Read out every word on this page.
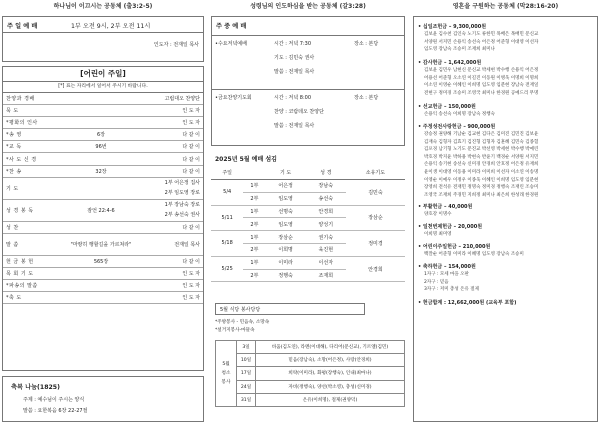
하나님이 이끄시는 공동체 (출3:2-5)
주 일 예 배	1부 오전 9시, 2부 오전 11시
인도자 : 전재일 목사
[어린이 주일]
[*] 표는 자리에서 일어서 주시기 바랍니다.
찬양과 경배		고립대오 찬양단
묵 도		인 도 자
*평화의 인사		인 도 자
*송 영	6장	다 같 이
*교 독	96번	다 같 이
*사 도 신 경		다 같 이
*찬 송	32장	다 같 이
기 도		1부 어은정 집사
2부 임도영 장로

성 경 봉 독	잠언 22:4-6	1부 장남숙 장로
2부 송선숙 권사

성 찬		다 같 이
말 씀	"마땅히 행할길을 가르쳐라"	전재일 목사
헌 금 봉 헌	565장	다 같 이
목 회 기 도		인 도 자
*파송의 말씀		인 도 자
*축 도		인 도 자
축복 나눔(1825)
주제 : 예수님이 주시는 양식
말씀 : 요한복음 6장 22-27절
성령님의 인도하심을 받는 공동체 (갈3:28)
주 중 예 배
•수요저녁예배	시간 : 저녁 7:30	장소 : 본당
기도 : 김민숙 권사
말씀 : 전재일 목사
•금요찬양기도회	시간 : 저녁 8:00	장소 : 본당
찬양 : 코람데오 찬양단
말씀 : 전재일 목사
2025년 5월 예배 섬김
주일		기 도	성 경	소유기도
5/4	1부	어은정	장남숙	김민숙
	2부	임도영	송선숙	
5/11	1부	선명숙	안경희	장삼순
	2부	임도영	양성기	
5/18	1부	장삼순	권기숙	정미경
	2부	이희명	육진현	
5/25	1부	이미라	이선자	안경희
	2부	정행숙	조재희	
5월 식당 봉사당당
*주방봉사 - 민음속, 소망속
*설거지봉사-마뜰속
5월
청소
봉사	3일	바움(김도연), 라멘(이대해), 다리어(문신교), 기르엘(김민)
	10일	믿음(장남숙), 소망(어은정), 사랑(안경희)
	17일	희락(이미라), 화평(장행숙), 인내(최마나)
	24일	자비(정행숙), 양선(박소영), 충성(신미경)
	31일	온유(이희명), 절제(권양덕)
영혼을 구원하는 공동체 (막28:16-20)
• 십일조헌금 – 9,300,000원
김보윤 김수천 김인숙 노기도 류한민 목배은 목배민 문신교
서양원 서지민 손용익 송선숙 어은정 어준형 이대영 이선자
임도영 장남숙 조승미 조재희 최미나
• 감사헌금 – 1,642,000원
김보윤 김민우 남현신 문신교 박세현 박수행 손용익 어은정
어용선 어준형 오소연 이길진 이동원 이병욱 이명희 이명희
이소연 이영순 이혜인 이희명 임도영 임분현 장남숙 전재일
전현구 정미경 조승미 조영국 최미나 한경원 공예드리 무명
• 선교헌금 – 150,000원
손용익 송선숙 이희명 장남숙 정행숙
• 주정성전사랑헌금 – 900,000원
강승정 권양해 기남순 김교현 김다은 김미진 김민진 김보윤
김재숙 김형자 김효기 김진형 김형자 김훈혜 김민숙 김종혈
김포경 남기형 노기도 문진교 박선영 박세현 박수행 박예린
박호경 박지윤 박하용 박현숙 반윤기 백경순 서양원 서지민
손용익 송기현 송선숙 신미경 안경희 안호정 어은정 유재희
윤이생 이대영 이동용 이미라 이미희 이선자 이소연 이송명
이영순 이예우 이정우 이종욱 이혜인 이희명 임도영 임분현
장영희 전석유 전재민 정명숙 정미경 정행숙 조재린 조승미
조영국 조재희 주경민 지희정 최미나 최은희 한성래 한경원
• 부활헌금 – 40,000원
양호강 이명수
• 일천번제헌금 – 20,000원
이희명 최미영
• 어린이주일헌금 – 210,000원
백깔순 어준형 이미라 이혜명 임도영 장남숙 조승미
• 축하헌금 – 154,000원
1자구 : 모세 마을 오판
2자구 : 믿음
3자구 : 저미 총성 온유 절제
• 헌금합계 : 12,662,000원 (교육부 포함)
